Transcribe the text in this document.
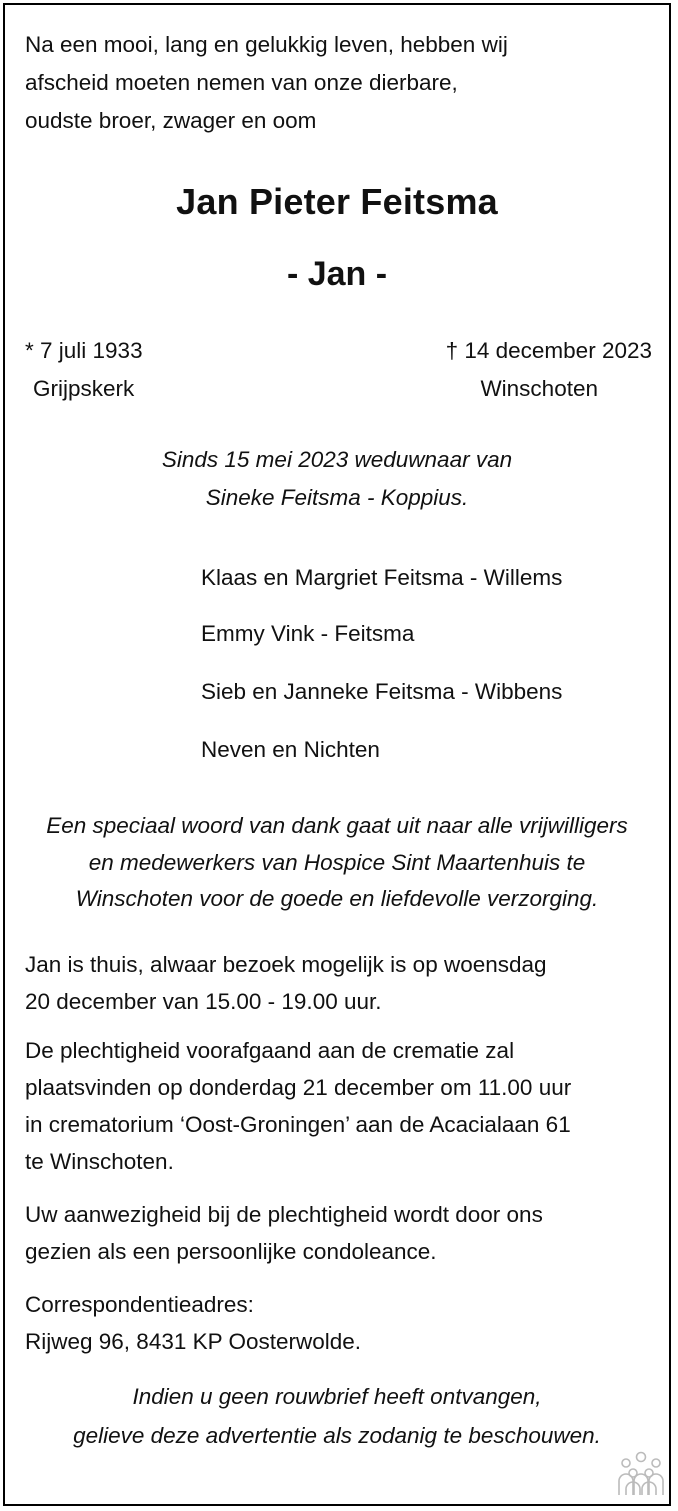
Na een mooi, lang en gelukkig leven, hebben wij

afscheid moeten nemen van onze dierbare,

oudste broer, zwager en oom

Jan Pieter Feitsma

- Jan -

* 7 juli 1933

Grijpskerk

† 14 december 2023

Winschoten

Sinds 15 mei 2023 weduwnaar van

Sineke Feitsma - Koppius.

Klaas en Margriet Feitsma - Willems

Emmy Vink - Feitsma

Sieb en Janneke Feitsma - Wibbens

Neven en Nichten

Een speciaal woord van dank gaat uit naar alle vrijwilligers

en medewerkers van Hospice Sint Maartenhuis te

Winschoten voor de goede en liefdevolle verzorging.

Jan is thuis, alwaar bezoek mogelijk is op woensdag

20 december van 15.00 - 19.00 uur.

De plechtigheid voorafgaand aan de crematie zal

plaatsvinden op donderdag 21 december om 11.00 uur

in crematorium ‘Oost-Groningen’ aan de Acacialaan 61

te Winschoten.

Uw aanwezigheid bij de plechtigheid wordt door ons

gezien als een persoonlijke condoleance.

Correspondentieadres:

Rijweg 96, 8431 KP Oosterwolde.

Indien u geen rouwbrief heeft ontvangen,

gelieve deze advertentie als zodanig te beschouwen.
